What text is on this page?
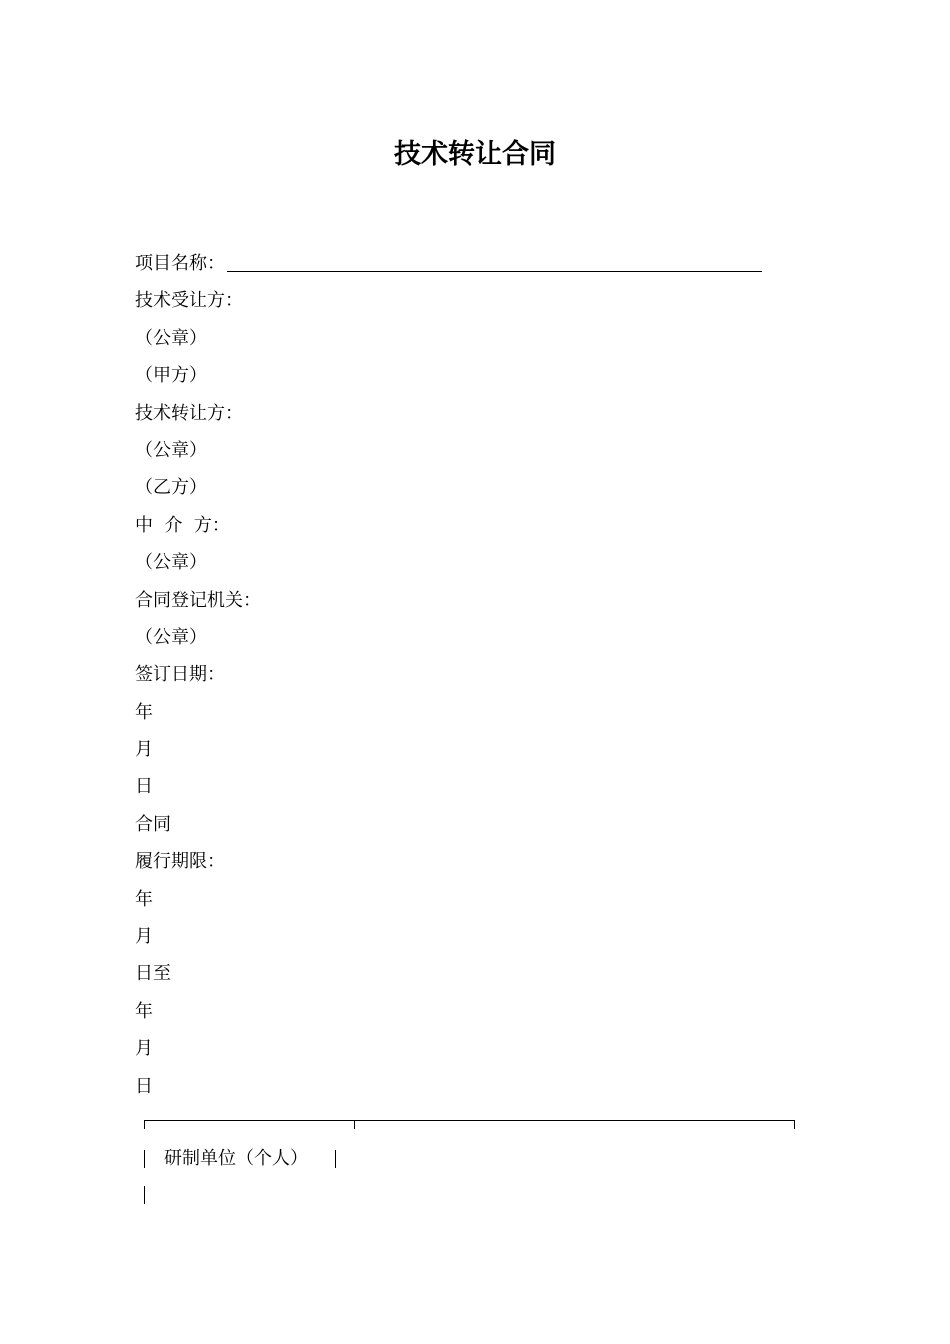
技术转让合同
项目名称：
技术受让方：
（公章）
（甲方）
技术转让方：
（公章）
（乙方）
中  介  方：
（公章）
合同登记机关：
（公章）
签订日期：
年
月
日
合同
履行期限：
年
月
日至
年
月
日
研制单位（个人）
